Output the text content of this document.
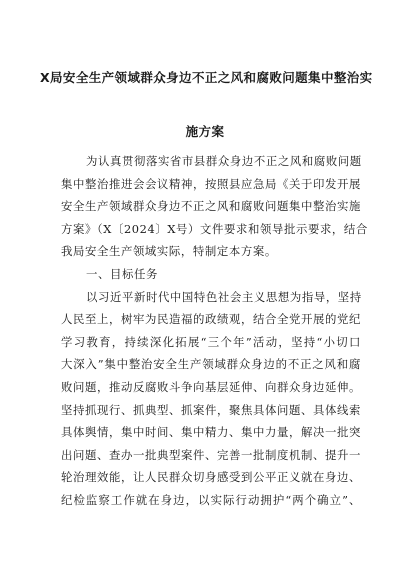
X局安全生产领域群众身边不正之风和腐败问题集中整治实
施方案
为认真贯彻落实省市县群众身边不正之风和腐败问题
集中整治推进会会议精神，按照县应急局《关于印发开展
安全生产领域群众身边不正之风和腐败问题集中整治实施
方案》（X〔2024〕X号）文件要求和领导批示要求，结合
我局安全生产领域实际，特制定本方案。
一、目标任务
以习近平新时代中国特色社会主义思想为指导，坚持
人民至上，树牢为民造福的政绩观，结合全党开展的党纪
学习教育，持续深化拓展“三个年”活动，坚持“小切口
大深入”集中整治安全生产领域群众身边的不正之风和腐
败问题，推动反腐败斗争向基层延伸、向群众身边延伸。
坚持抓现行、抓典型、抓案件，聚焦具体问题、具体线索
具体舆情，集中时间、集中精力、集中力量，解决一批突
出问题、查办一批典型案件、完善一批制度机制、提升一
轮治理效能，让人民群众切身感受到公平正义就在身边、
纪检监察工作就在身边，以实际行动拥护“两个确立”、
